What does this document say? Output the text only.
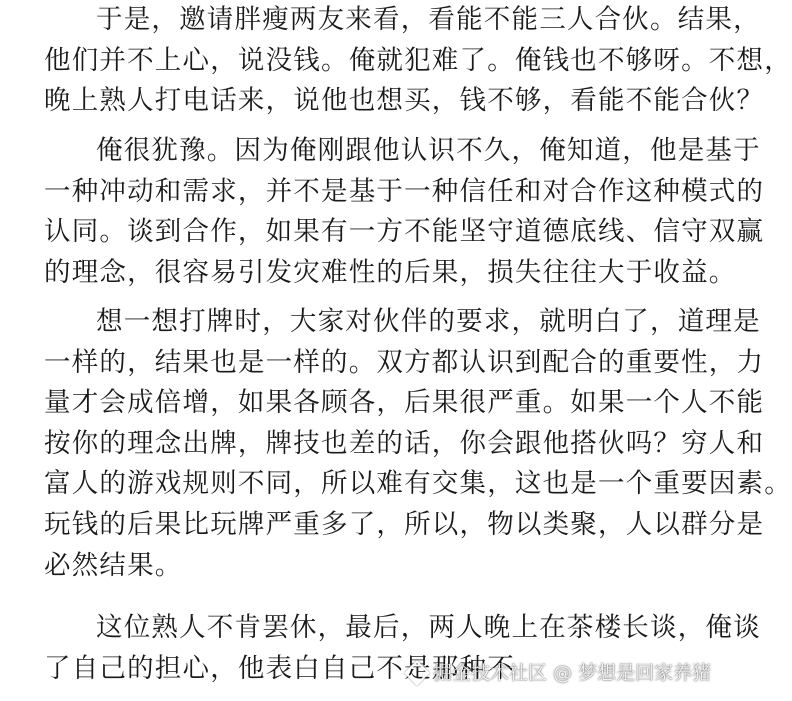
于是，邀请胖瘦两友来看，看能不能三人合伙。结果，
他们并不上心，说没钱。俺就犯难了。俺钱也不够呀。不想，
晚上熟人打电话来，说他也想买，钱不够，看能不能合伙？
俺很犹豫。因为俺刚跟他认识不久，俺知道，他是基于
一种冲动和需求，并不是基于一种信任和对合作这种模式的
认同。谈到合作，如果有一方不能坚守道德底线、信守双赢
的理念，很容易引发灾难性的后果，损失往往大于收益。
想一想打牌时，大家对伙伴的要求，就明白了，道理是
一样的，结果也是一样的。双方都认识到配合的重要性，力
量才会成倍增，如果各顾各，后果很严重。如果一个人不能
按你的理念出牌，牌技也差的话，你会跟他搭伙吗？穷人和
富人的游戏规则不同，所以难有交集，这也是一个重要因素。
玩钱的后果比玩牌严重多了，所以，物以类聚，人以群分是
必然结果。
这位熟人不肯罢休，最后，两人晚上在茶楼长谈，俺谈
了自己的担心，他表白自己不是那种不
掘金技术社区 @ 梦想是回家养猪
